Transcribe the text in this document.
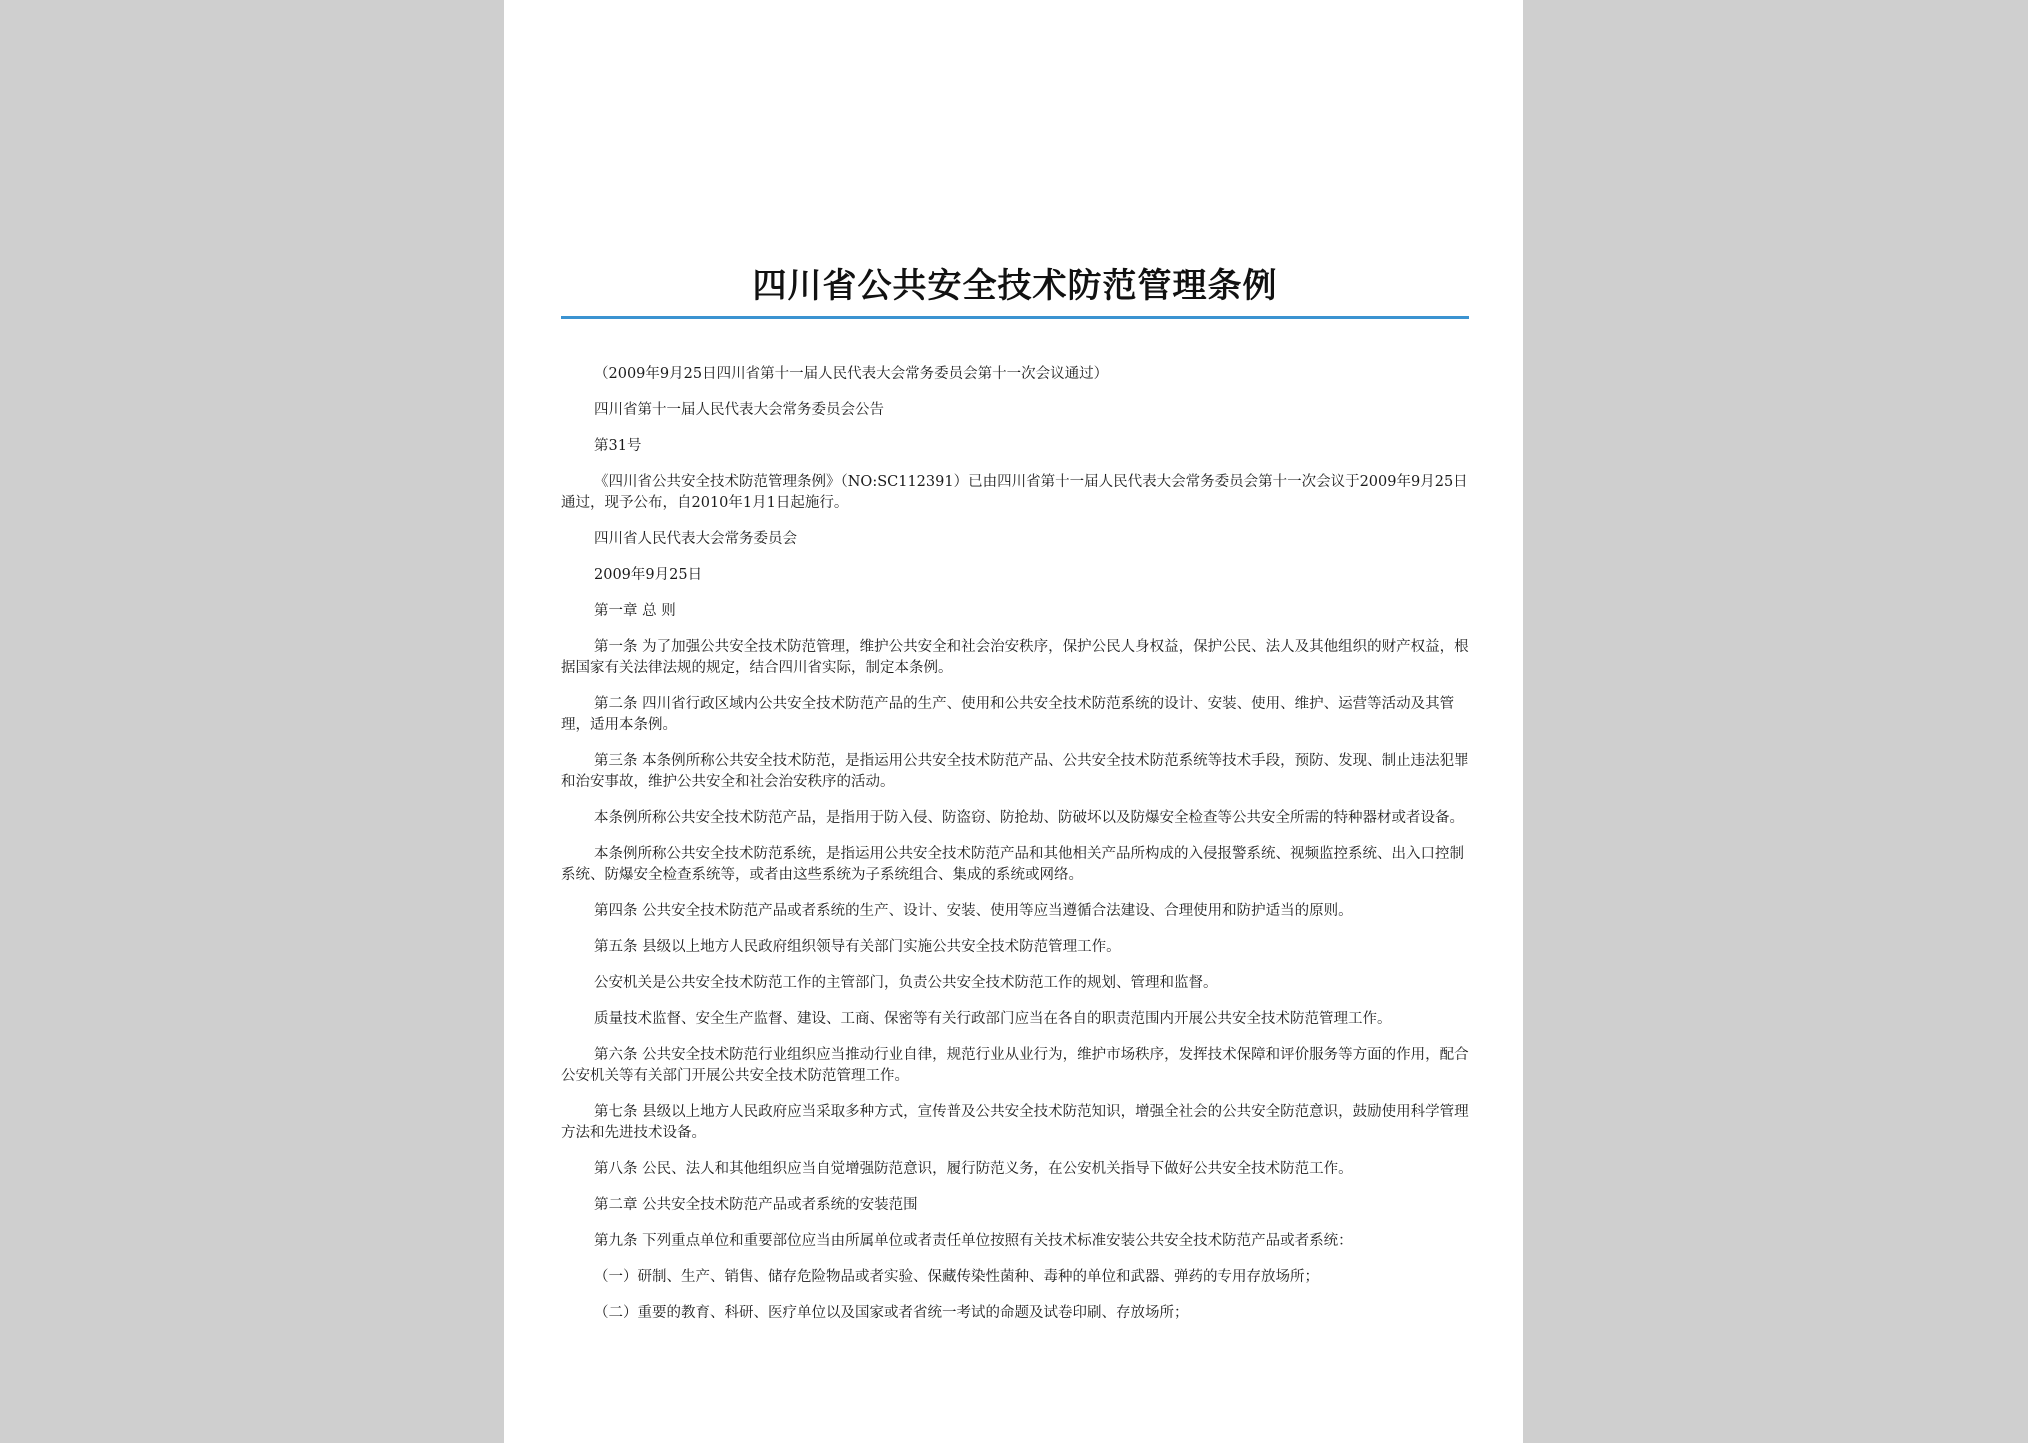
四川省公共安全技术防范管理条例

（2009年9月25日四川省第十一届人民代表大会常务委员会第十一次会议通过）

四川省第十一届人民代表大会常务委员会公告

第31号

《四川省公共安全技术防范管理条例》（NO:SC112391）已由四川省第十一届人民代表大会常务委员会第十一次会议于2009年9月25日通过，现予公布，自2010年1月1日起施行。

四川省人民代表大会常务委员会

2009年9月25日

第一章 总 则

第一条 为了加强公共安全技术防范管理，维护公共安全和社会治安秩序，保护公民人身权益，保护公民、法人及其他组织的财产权益，根据国家有关法律法规的规定，结合四川省实际，制定本条例。

第二条 四川省行政区域内公共安全技术防范产品的生产、使用和公共安全技术防范系统的设计、安装、使用、维护、运营等活动及其管理，适用本条例。

第三条 本条例所称公共安全技术防范，是指运用公共安全技术防范产品、公共安全技术防范系统等技术手段，预防、发现、制止违法犯罪和治安事故，维护公共安全和社会治安秩序的活动。

本条例所称公共安全技术防范产品，是指用于防入侵、防盗窃、防抢劫、防破坏以及防爆安全检查等公共安全所需的特种器材或者设备。

本条例所称公共安全技术防范系统，是指运用公共安全技术防范产品和其他相关产品所构成的入侵报警系统、视频监控系统、出入口控制系统、防爆安全检查系统等，或者由这些系统为子系统组合、集成的系统或网络。

第四条 公共安全技术防范产品或者系统的生产、设计、安装、使用等应当遵循合法建设、合理使用和防护适当的原则。

第五条 县级以上地方人民政府组织领导有关部门实施公共安全技术防范管理工作。

公安机关是公共安全技术防范工作的主管部门，负责公共安全技术防范工作的规划、管理和监督。

质量技术监督、安全生产监督、建设、工商、保密等有关行政部门应当在各自的职责范围内开展公共安全技术防范管理工作。

第六条 公共安全技术防范行业组织应当推动行业自律，规范行业从业行为，维护市场秩序，发挥技术保障和评价服务等方面的作用，配合公安机关等有关部门开展公共安全技术防范管理工作。

第七条 县级以上地方人民政府应当采取多种方式，宣传普及公共安全技术防范知识，增强全社会的公共安全防范意识，鼓励使用科学管理方法和先进技术设备。

第八条 公民、法人和其他组织应当自觉增强防范意识，履行防范义务，在公安机关指导下做好公共安全技术防范工作。

第二章 公共安全技术防范产品或者系统的安装范围

第九条 下列重点单位和重要部位应当由所属单位或者责任单位按照有关技术标准安装公共安全技术防范产品或者系统：

（一）研制、生产、销售、储存危险物品或者实验、保藏传染性菌种、毒种的单位和武器、弹药的专用存放场所；

（二）重要的教育、科研、医疗单位以及国家或者省统一考试的命题及试卷印刷、存放场所；
